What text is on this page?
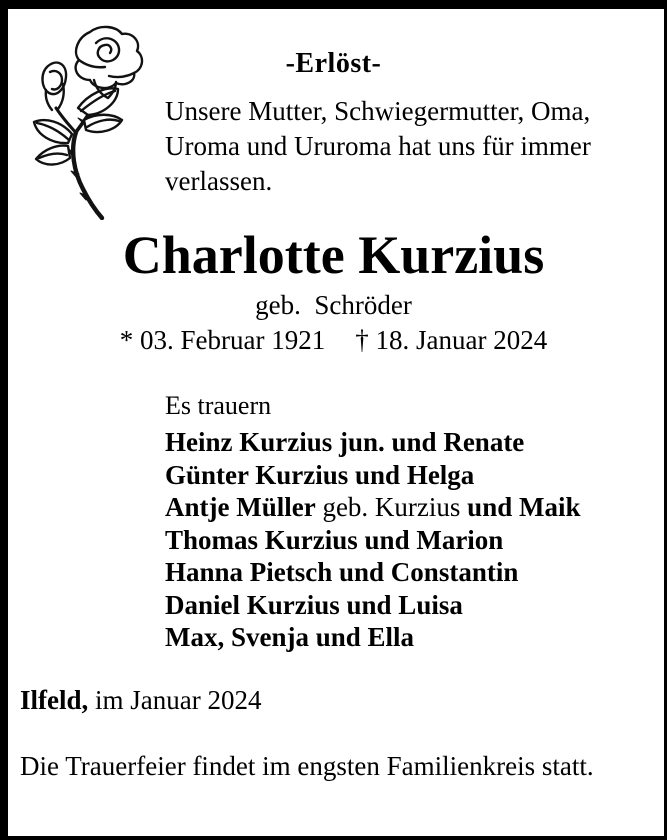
-Erlöst-
Unsere Mutter, Schwiegermutter, Oma,
Uroma und Ururoma hat uns für immer
verlassen.
Charlotte Kurzius
geb.  Schröder
* 03. Februar 1921 † 18. Januar 2024
Es trauern
Heinz Kurzius jun. und Renate
Günter Kurzius und Helga
Antje Müller geb. Kurzius und Maik
Thomas Kurzius und Marion
Hanna Pietsch und Constantin
Daniel Kurzius und Luisa
Max, Svenja und Ella
Ilfeld, im Januar 2024
Die Trauerfeier findet im engsten Familienkreis statt.
